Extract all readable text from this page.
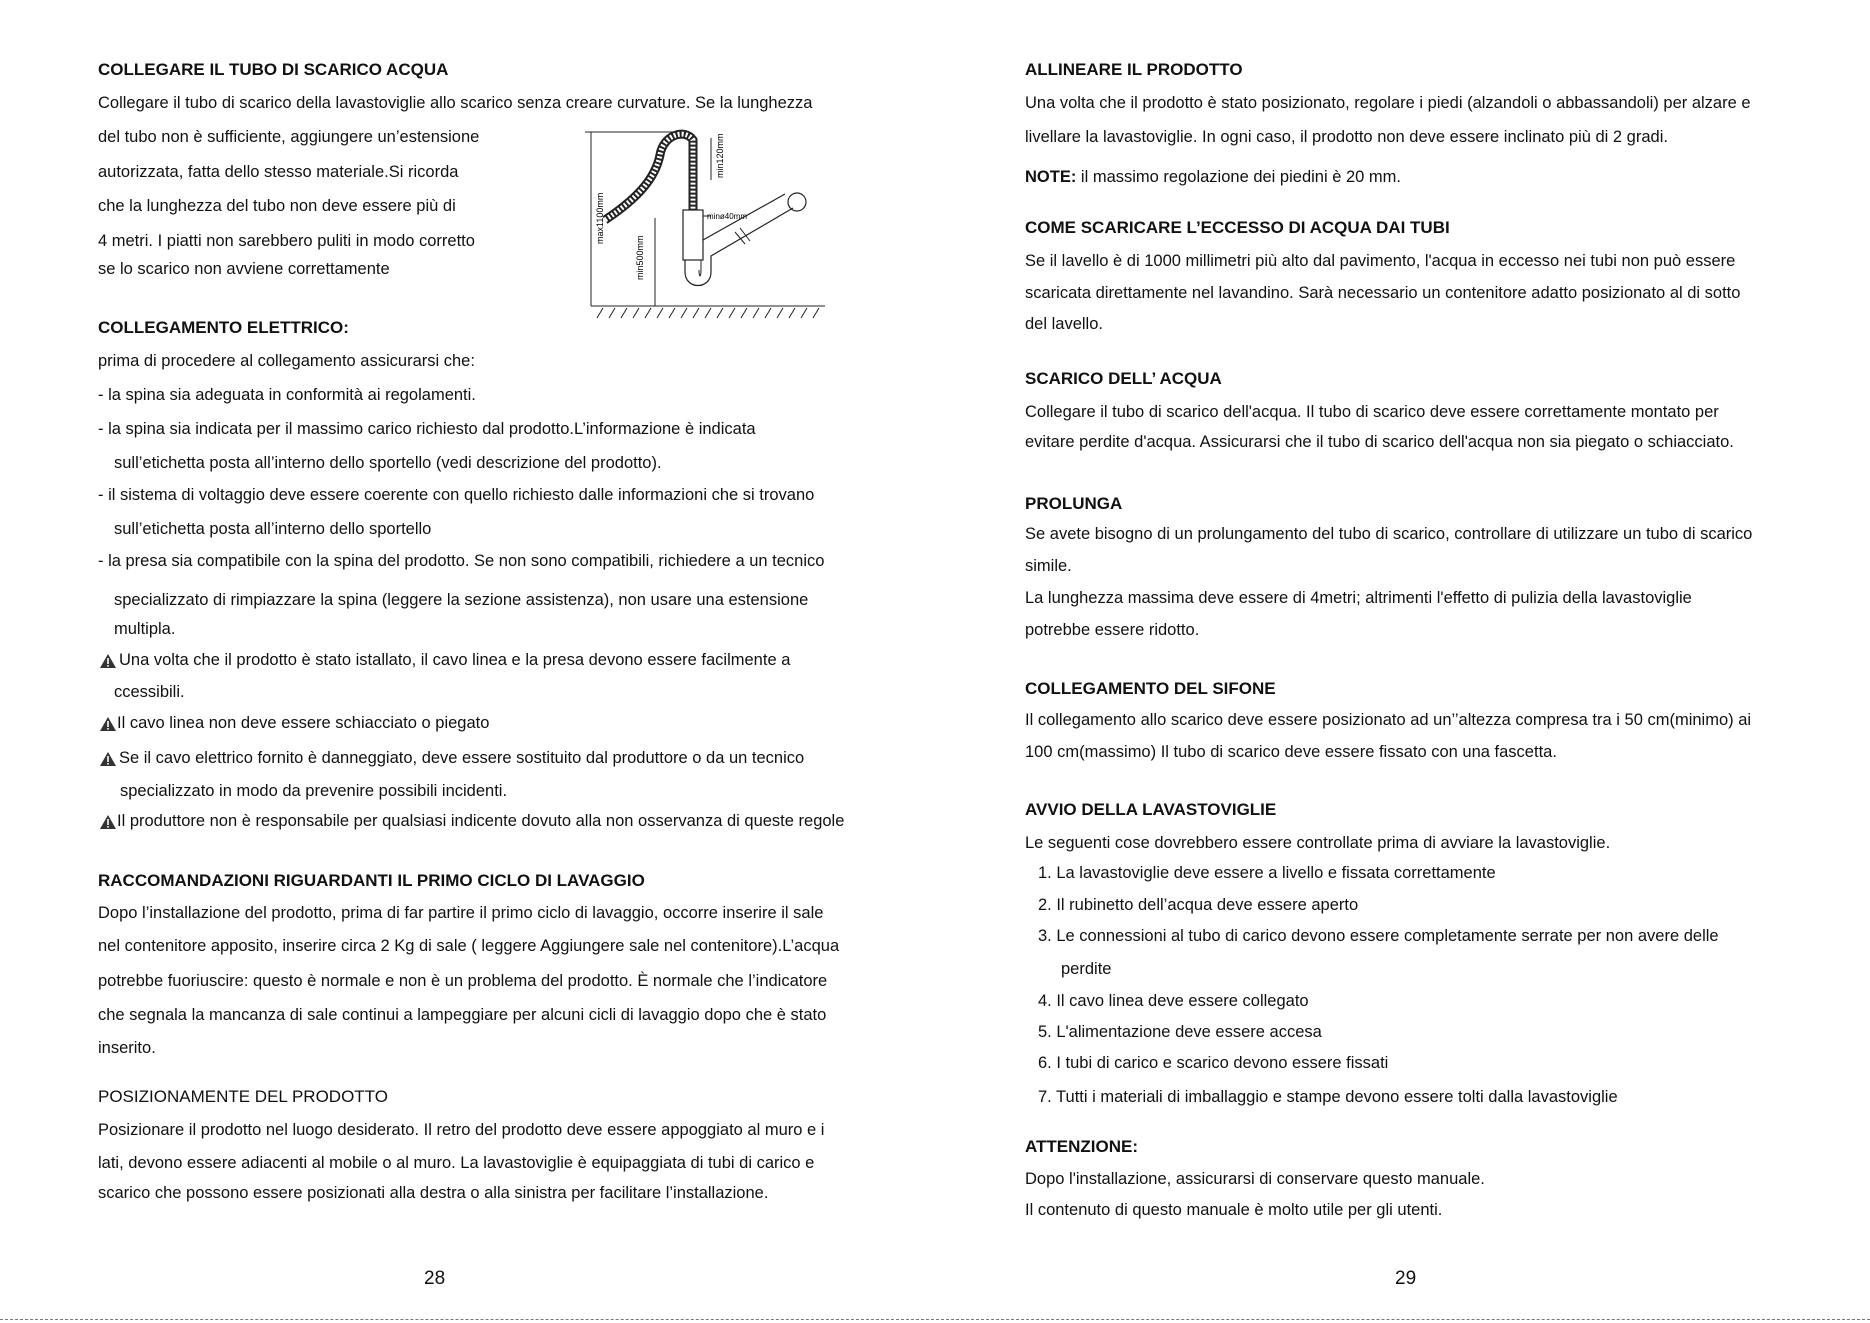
COLLEGARE IL TUBO DI SCARICO ACQUA
Collegare il tubo di scarico della lavastoviglie allo scarico senza creare curvature. Se la lunghezza
del tubo non è sufficiente, aggiungere un’estensione
autorizzata, fatta dello stesso materiale.Si ricorda
che la lunghezza del tubo non deve essere più di
4 metri. I piatti non sarebbero puliti in modo corretto
se lo scarico non avviene correttamente
max1100mm
min500mm
min120mm
minø40mm
COLLEGAMENTO ELETTRICO:
prima di procedere al collegamento assicurarsi che:
- la spina sia adeguata in conformità ai regolamenti.
- la spina sia indicata per il massimo carico richiesto dal prodotto.L’informazione è indicata
sull’etichetta posta all’interno dello sportello (vedi descrizione del prodotto).
- il sistema di voltaggio deve essere coerente con quello richiesto dalle informazioni che si trovano
sull’etichetta posta all’interno dello sportello
- la presa sia compatibile con la spina del prodotto. Se non sono compatibili, richiedere a un tecnico
specializzato di rimpiazzare la spina (leggere la sezione assistenza), non usare una estensione
multipla.
Una volta che il prodotto è stato istallato, il cavo linea e la presa devono essere facilmente a
ccessibili.
Il cavo linea non deve essere schiacciato o piegato
Se il cavo elettrico fornito è danneggiato, deve essere sostituito dal produttore o da un tecnico
specializzato in modo da prevenire possibili incidenti.
Il produttore non è responsabile per qualsiasi indicente dovuto alla non osservanza di queste regole
RACCOMANDAZIONI RIGUARDANTI IL PRIMO CICLO DI LAVAGGIO
Dopo l’installazione del prodotto, prima di far partire il primo ciclo di lavaggio, occorre inserire il sale
nel contenitore apposito, inserire circa 2 Kg di sale ( leggere Aggiungere sale nel contenitore).L’acqua
potrebbe fuoriuscire: questo è normale e non è un problema del prodotto. È normale che l’indicatore
che segnala la mancanza di sale continui a lampeggiare per alcuni cicli di lavaggio dopo che è stato
inserito.
POSIZIONAMENTE DEL PRODOTTO
Posizionare il prodotto nel luogo desiderato. Il retro del prodotto deve essere appoggiato al muro e i
lati, devono essere adiacenti al mobile o al muro. La lavastoviglie è equipaggiata di tubi di carico e
scarico che possono essere posizionati alla destra o alla sinistra per facilitare l’installazione.
28
ALLINEARE IL PRODOTTO
Una volta che il prodotto è stato posizionato, regolare i piedi (alzandoli o abbassandoli) per alzare e
livellare la lavastoviglie. In ogni caso, il prodotto non deve essere inclinato più di 2 gradi.
NOTE: il massimo regolazione dei piedini è 20 mm.
COME SCARICARE L’ECCESSO DI ACQUA DAI TUBI
Se il lavello è di 1000 millimetri più alto dal pavimento, l'acqua in eccesso nei tubi non può essere
scaricata direttamente nel lavandino. Sarà necessario un contenitore adatto posizionato al di sotto
del lavello.
SCARICO DELL’ ACQUA
Collegare il tubo di scarico dell'acqua. Il tubo di scarico deve essere correttamente montato per
evitare perdite d'acqua. Assicurarsi che il tubo di scarico dell'acqua non sia piegato o schiacciato.
PROLUNGA
Se avete bisogno di un prolungamento del tubo di scarico, controllare di utilizzare un tubo di scarico
simile.
La lunghezza massima deve essere di 4metri; altrimenti l'effetto di pulizia della lavastoviglie
potrebbe essere ridotto.
COLLEGAMENTO DEL SIFONE
Il collegamento allo scarico deve essere posizionato ad un’’altezza compresa tra i 50 cm(minimo) ai
100 cm(massimo) Il tubo di scarico deve essere fissato con una fascetta.
AVVIO DELLA LAVASTOVIGLIE
Le seguenti cose dovrebbero essere controllate prima di avviare la lavastoviglie.
1. La lavastoviglie deve essere a livello e fissata correttamente
2. Il rubinetto dell’acqua deve essere aperto
3. Le connessioni al tubo di carico devono essere completamente serrate per non avere delle
perdite
4. Il cavo linea deve essere collegato
5. L'alimentazione deve essere accesa
6. I tubi di carico e scarico devono essere fissati
7. Tutti i materiali di imballaggio e stampe devono essere tolti dalla lavastoviglie
ATTENZIONE:
Dopo l'installazione, assicurarsi di conservare questo manuale.
Il contenuto di questo manuale è molto utile per gli utenti.
29
